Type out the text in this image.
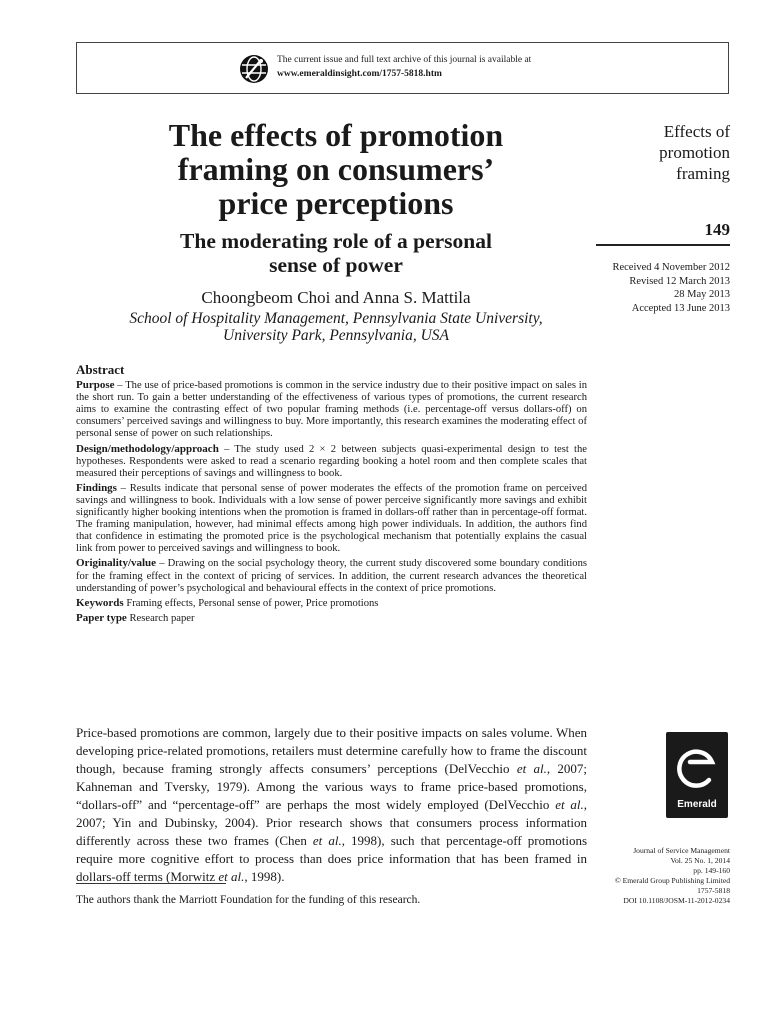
The current issue and full text archive of this journal is available at
www.emeraldinsight.com/1757-5818.htm
The effects of promotion
framing on consumers’
price perceptions
The moderating role of a personal
sense of power
Choongbeom Choi and Anna S. Mattila
School of Hospitality Management, Pennsylvania State University,
University Park, Pennsylvania, USA
Effects of
promotion
framing
149
Received 4 November 2012
Revised 12 March 2013
28 May 2013
Accepted 13 June 2013
Abstract

Purpose – The use of price-based promotions is common in the service industry due to their positive impact on sales in the short run. To gain a better understanding of the effectiveness of various types of promotions, the current research aims to examine the contrasting effect of two popular framing methods (i.e. percentage-off versus dollars-off) on consumers’ perceived savings and willingness to buy. More importantly, this research examines the moderating effect of personal sense of power on such relationships.

Design/methodology/approach – The study used 2 × 2 between subjects quasi-experimental design to test the hypotheses. Respondents were asked to read a scenario regarding booking a hotel room and then complete scales that measured their perceptions of savings and willingness to book.

Findings – Results indicate that personal sense of power moderates the effects of the promotion frame on perceived savings and willingness to book. Individuals with a low sense of power perceive significantly more savings and exhibit significantly higher booking intentions when the promotion is framed in dollars-off rather than in percentage-off format. The framing manipulation, however, had minimal effects among high power individuals. In addition, the authors find that confidence in estimating the promoted price is the psychological mechanism that potentially explains the casual link from power to perceived savings and willingness to book.

Originality/value – Drawing on the social psychology theory, the current study discovered some boundary conditions for the framing effect in the context of pricing of services. In addition, the current research advances the theoretical understanding of power’s psychological and behavioural effects in the context of price promotions.

Keywords Framing effects, Personal sense of power, Price promotions

Paper type Research paper

Price-based promotions are common, largely due to their positive impacts on sales volume. When developing price-related promotions, retailers must determine carefully how to frame the discount though, because framing strongly affects consumers’ perceptions (DelVecchio et al., 2007; Kahneman and Tversky, 1979). Among the various ways to frame price-based promotions, “dollars-off” and “percentage-off” are perhaps the most widely employed (DelVecchio et al., 2007; Yin and Dubinsky, 2004). Prior research shows that consumers process information differently across these two frames (Chen et al., 1998), such that percentage-off promotions require more cognitive effort to process than does price information that has been framed in dollars-off terms (Morwitz et al., 1998).
The authors thank the Marriott Foundation for the funding of this research.
Emerald
Journal of Service Management
Vol. 25 No. 1, 2014
pp. 149-160
© Emerald Group Publishing Limited
1757-5818
DOI 10.1108/JOSM-11-2012-0234
